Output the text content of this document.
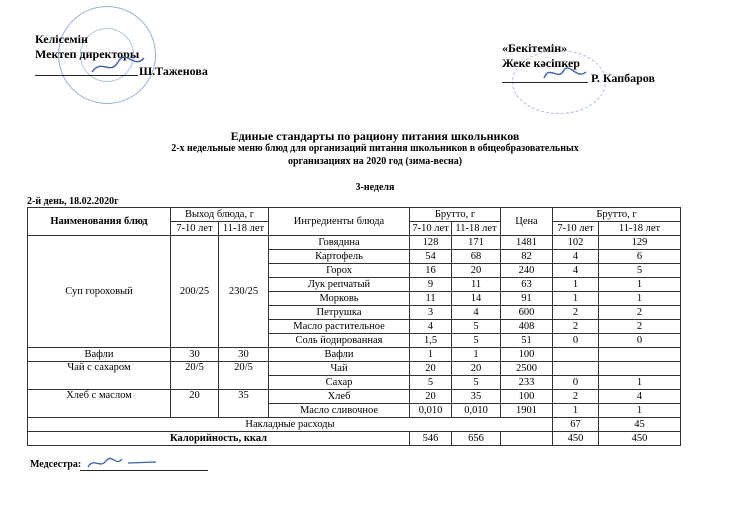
Келісемін
Мектеп директоры
Ш.Таженова
«Бекітемін»
Жеке кәсіпкер
Р. Капбаров
Единые стандарты по рациону питания школьников
2-х недельные меню блюд для организаций питания школьников в общеобразовательных
организациях на 2020 год (зима-весна)
3-неделя
2-й день, 18.02.2020г
Наименования блюд	Выход блюда, г		Ингредиенты блюда	Брутто, г		Цена	Брутто, г	
	7-10 лет	11-18 лет		7-10 лет	11-18 лет		7-10 лет	11-18 лет
Суп гороховый	200/25	230/25	Говядина	128	171	1481	102	129
			Картофель	54	68	82	4	6
			Горох	16	20	240	4	5
			Лук репчатый	9	11	63	1	1
			Морковь	11	14	91	1	1
			Петрушка	3	4	600	2	2
			Масло растительное	4	5	408	2	2
			Соль йодированная	1,5	5	51	0	0
Вафли	30	30	Вафли	1	1	100		
Чай с сахаром	20/5	20/5	Чай	20	20	2500		
			Сахар	5	5	233	0	1
Хлеб с маслом	20	35	Хлеб	20	35	100	2	4
			Масло сливочное	0,010	0,010	1901	1	1
Накладные расходы							67	45
Калорийность, ккал				546	656		450	450
Медсестра:
